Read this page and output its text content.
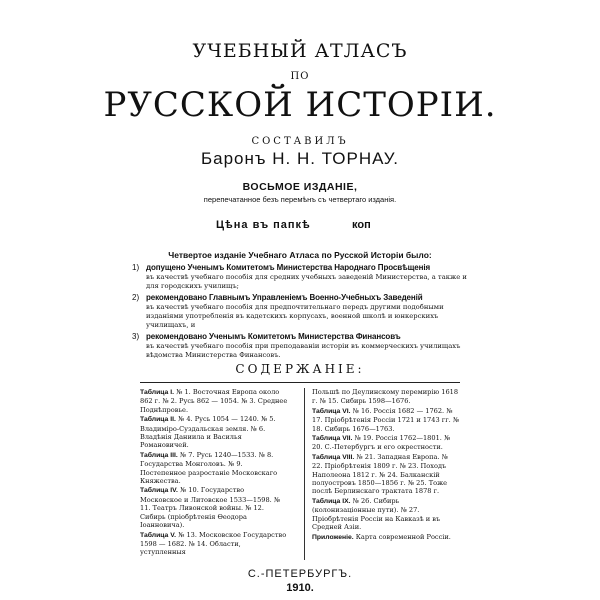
УЧЕБНЫЙ АТЛАСЪ
ПО
РУССКОЙ ИСТОРІИ.
СОСТАВИЛЪ
Баронъ Н. Н. ТОРНАУ.
ВОСЬМОЕ ИЗДАНІЕ,
перепечатанное безъ перемѣнъ съ четвертаго изданія.
Цѣна въ папкѣ	коп
Четвертое изданіе Учебнаго Атласа по Русской Исторіи было:
1) допущено Ученымъ Комитетомъ Министерства Народнаго Просвѣщенія
въ качествѣ учебнаго пособія для средних учебныхъ заведеній Министерства, а также и для городскихъ училищъ;
2) рекомендовано Главнымъ Управленіемъ Военно-Учебныхъ Заведеній
въ качествѣ учебнаго пособія для предпочтительнаго передъ другими подобными изданіями употребленія въ кадетскихъ корпусахъ, военной школѣ и юнкерскихъ училищахъ, и
3) рекомендовано Ученымъ Комитетомъ Министерства Финансовъ
въ качествѣ учебнаго пособія при преподаваніи исторіи въ коммерческихъ училищахъ вѣдомства Министерства Финансовъ.
СОДЕРЖАНІЕ:
Таблица I. № 1. Восточная Европа около 862 г. № 2. Русь 862 — 1054. № 3. Среднее Поднѣпровье.
Таблица II. № 4. Русь 1054 — 1240. № 5. Владимiро-Суздальская земля. № 6. Владѣнiя Даниила и Василья Романовичей.
Таблица III. № 7. Русь 1240—1533. № 8. Государства Монголовъ. № 9. Постепенное разростаніе Московскаго Княжества.
Таблица IV. № 10. Государство Московское и Литовское 1533—1598. № 11. Театръ Ливонской войны. № 12. Сибирь (пріобрѣтенія Ѳеодора Іоанновича).
Таблица V. № 13. Московское Государство 1598 — 1682. № 14. Области, уступленныя
Польшѣ по Деулинскому перемирію 1618 г. № 15. Сибирь 1598—1676.
Таблица VI. № 16. Россія 1682 — 1762. № 17. Пріобрѣтенія Россіи 1721 и 1743 гг. № 18. Сибирь 1676—1763.
Таблица VII. № 19. Россія 1762—1801. № 20. С.-Петербургъ и его окрестности.
Таблица VIII. № 21. Западная Европа. № 22. Пріобрѣтенія 1809 г. № 23. Походъ Наполеона 1812 г. № 24. Балканскій полуостровъ 1850—1856 г. № 25. Тоже послѣ Берлинскаго трактата 1878 г.
Таблица IX. № 26. Сибирь (колонизаціонные пути). № 27. Пріобрѣтенія Россіи на Кавказѣ и въ Средней Азіи.
Приложеніе. Карта современной Россіи.
С.-ПЕТЕРБУРГЪ.
1910.
